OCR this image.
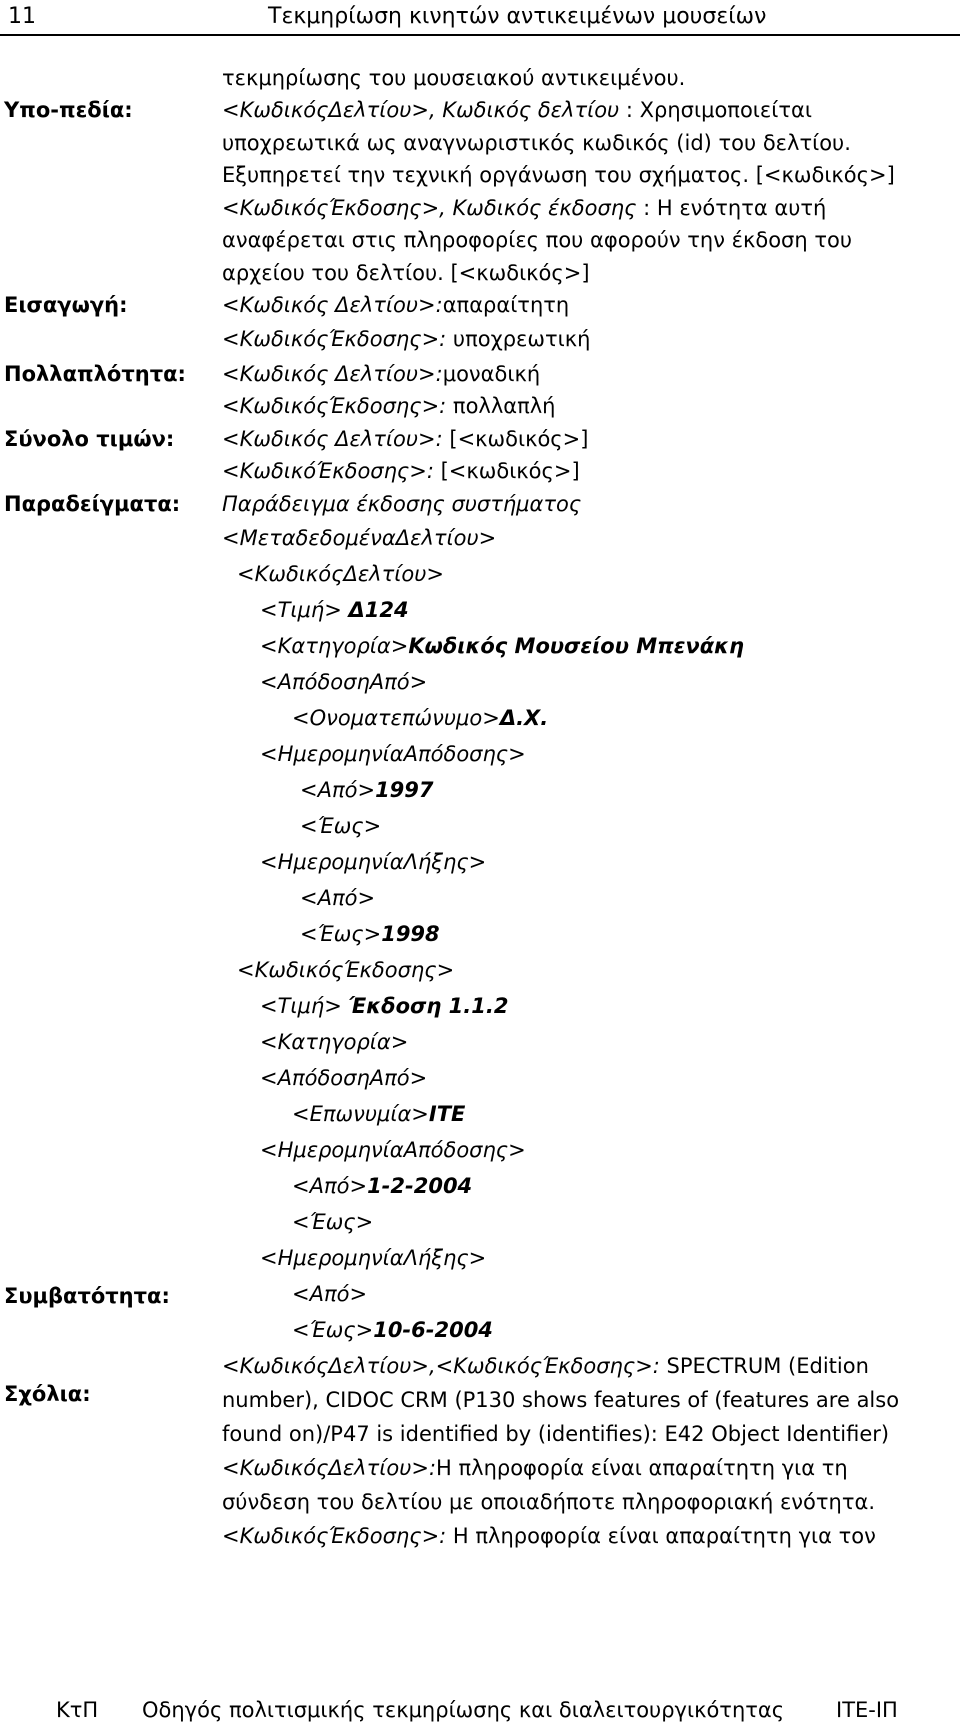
11	Τεκμηρίωση κινητών αντικειμένων μουσείων
Υπο-πεδία:
Εισαγωγή:
Πολλαπλότητα:
Σύνολο τιμών:
Παραδείγματα:
Συμβατότητα:
Σχόλια:
τεκμηρίωσης του μουσειακού αντικειμένου.
<ΚωδικόςΔελτίου>, Κωδικός δελτίου : Χρησιμοποιείται
υποχρεωτικά ως αναγνωριστικός κωδικός (id) του δελτίου.
Εξυπηρετεί την τεχνική οργάνωση του σχήματος. [<κωδικός>]
<ΚωδικόςΈκδοσης>, Κωδικός έκδοσης : Η ενότητα αυτή
αναφέρεται στις πληροφορίες που αφορούν την έκδοση του
αρχείου του δελτίου. [<κωδικός>]
<Κωδικός Δελτίου>:απαραίτητη
<ΚωδικόςΈκδοσης>: υποχρεωτική
<Κωδικός Δελτίου>:μοναδική
<ΚωδικόςΈκδοσης>: πολλαπλή
<Κωδικός Δελτίου>: [<κωδικός>]
<ΚωδικόΈκδοσης>: [<κωδικός>]
Παράδειγμα έκδοσης συστήματος
<ΜεταδεδομέναΔελτίου>
<ΚωδικόςΔελτίου>
<Τιμή> Δ124
<Κατηγορία>Κωδικός Μουσείου Μπενάκη
<ΑπόδοσηΑπό>
<Ονοματεπώνυμο>Δ.Χ.
<ΗμερομηνίαΑπόδοσης>
<Από>1997
<Έως>
<ΗμερομηνίαΛήξης>
<Από>
<Έως>1998
<ΚωδικόςΈκδοσης>
<Τιμή> Έκδοση 1.1.2
<Κατηγορία>
<ΑπόδοσηΑπό>
<Επωνυμία>ΙΤΕ
<ΗμερομηνίαΑπόδοσης>
<Από>1-2-2004
<Έως>
<ΗμερομηνίαΛήξης>
<Από>
<Έως>10-6-2004
<ΚωδικόςΔελτίου>,<ΚωδικόςΈκδοσης>: SPECTRUM (Edition
number), CIDOC CRM (P130 shows features of (features are also
found on)/P47 is identified by (identifies): E42 Object Identifier)
<ΚωδικόςΔελτίου>:Η πληροφορία είναι απαραίτητη για τη
σύνδεση του δελτίου με οποιαδήποτε πληροφοριακή ενότητα.
<ΚωδικόςΈκδοσης>: Η πληροφορία είναι απαραίτητη για τον
ΚτΠ Οδηγός πολιτισμικής τεκμηρίωσης και διαλειτουργικότητας ΙΤΕ-ΙΠ
